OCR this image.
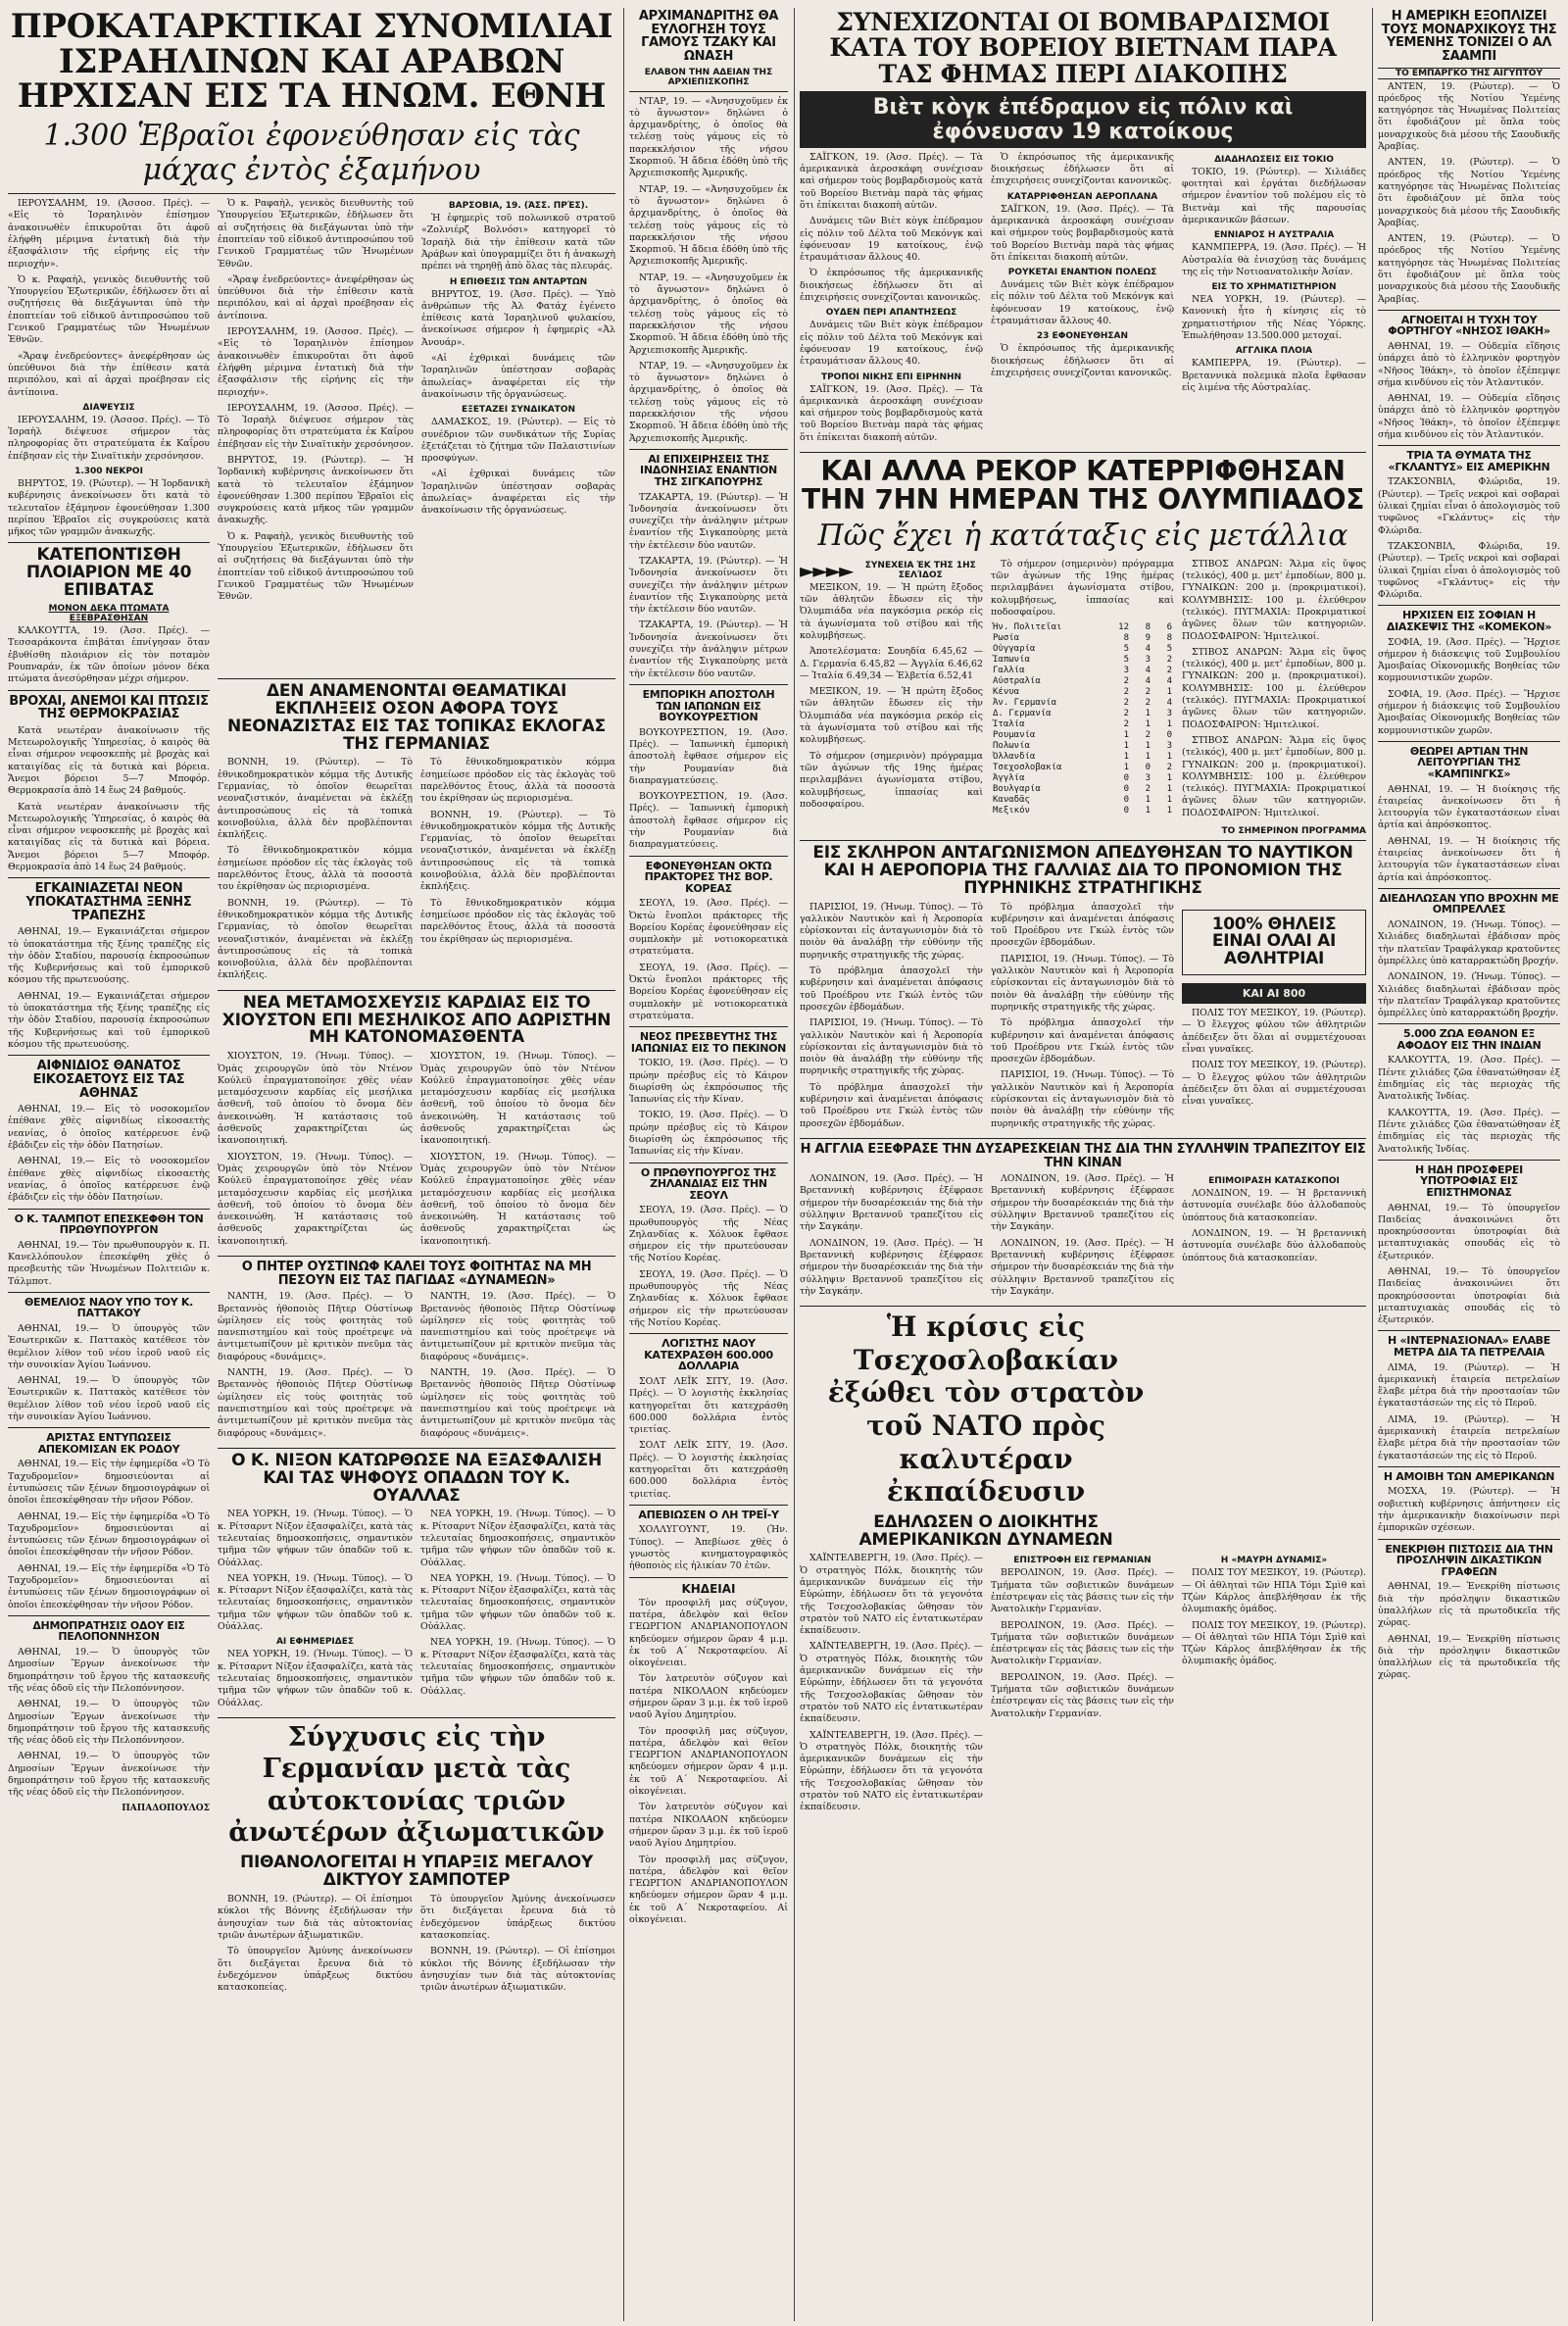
ΠΡΟΚΑΤΑΡΚΤΙΚΑΙ ΣΥΝΟΜΙΛΙΑΙ ΙΣΡΑΗΛΙΝΩΝ ΚΑΙ ΑΡΑΒΩΝ ΗΡΧΙΣΑΝ ΕΙΣ ΤΑ ΗΝΩΜ. ΕΘΝΗ
1.300 Ἑβραῖοι ἐφονεύθησαν εἰς τὰς μάχας ἐντὸς ἑξαμήνου

ΙΕΡΟΥΣΑΛΗΜ, 19. (Ἀσσοσ. Πρές). — «Εἰς τὸ Ἰσραηλινὸν ἐπίσημον ἀνακοινωθὲν ἐπικυροῦται ὅτι ἀφοῦ ἐλήφθη μέριμνα ἐντατικὴ διὰ τὴν ἐξασφάλισιν τῆς εἰρήνης εἰς τὴν περιοχήν».

Ὁ κ. Ραφαὴλ, γενικὸς διευθυντὴς τοῦ Ὑπουργείου Ἐξωτερικῶν, ἐδήλωσεν ὅτι αἱ συζητήσεις θὰ διεξάγωνται ὑπὸ τὴν ἐποπτείαν τοῦ εἰδικοῦ ἀντιπροσώπου τοῦ Γενικοῦ Γραμματέως τῶν Ἡνωμένων Ἐθνῶν.

«Ἄραψ ἐνεδρεύοντες» ἀνεφέρθησαν ὡς ὑπεύθυνοι διὰ τὴν ἐπίθεσιν κατὰ περιπόλου, καὶ αἱ ἀρχαὶ προέβησαν εἰς ἀντίποινα.

ΔΙΑΨΕΥΣΙΣ

ΙΕΡΟΥΣΑΛΗΜ, 19. (Ἀσσοσ. Πρές). — Τὸ Ἰσραὴλ διέψευσε σήμερον τὰς πληροφορίας ὅτι στρατεύματα ἐκ Καΐρου ἐπέβησαν εἰς τὴν Σιναϊτικὴν χερσόνησον.

1.300 ΝΕΚΡΟΙ

ΒΗΡΥΤΟΣ, 19. (Ρώυτερ). — Ἡ Ἰορδανικὴ κυβέρνησις ἀνεκοίνωσεν ὅτι κατὰ τὸ τελευταῖον ἑξάμηνον ἐφονεύθησαν 1.300 περίπου Ἑβραῖοι εἰς συγκρούσεις κατὰ μῆκος τῶν γραμμῶν ἀνακωχῆς.

ΚΑΤΕΠΟΝΤΙΣΘΗ ΠΛΟΙΑΡΙΟΝ ΜΕ 40 ΕΠΙΒΑΤΑΣ
ΜΟΝΟΝ ΔΕΚΑ ΠΤΩΜΑΤΑ ΕΞΕΒΡΑΣΘΗΣΑΝ

ΚΑΛΚΟΥΤΤΑ, 19. (Ἀσσ. Πρές). — Τεσσαράκοντα ἐπιβάται ἐπνίγησαν ὅταν ἐβυθίσθη πλοιάριον εἰς τὸν ποταμὸν Ρουπναράν, ἐκ τῶν ὁποίων μόνον δέκα πτώματα ἀνεσύρθησαν μέχρι σήμερον.

ΒΡΟΧΑΙ, ΑΝΕΜΟΙ ΚΑΙ ΠΤΩΣΙΣ ΤΗΣ ΘΕΡΜΟΚΡΑΣΙΑΣ

Κατὰ νεωτέραν ἀνακοίνωσιν τῆς Μετεωρολογικῆς Ὑπηρεσίας, ὁ καιρὸς θὰ εἶναι σήμερον νεφοσκεπὴς μὲ βροχὰς καὶ καταιγίδας εἰς τὰ δυτικὰ καὶ βόρεια. Ἄνεμοι βόρειοι 5—7 Μποφόρ. Θερμοκρασία ἀπὸ 14 ἕως 24 βαθμούς.

Κατὰ νεωτέραν ἀνακοίνωσιν τῆς Μετεωρολογικῆς Ὑπηρεσίας, ὁ καιρὸς θὰ εἶναι σήμερον νεφοσκεπὴς μὲ βροχὰς καὶ καταιγίδας εἰς τὰ δυτικὰ καὶ βόρεια. Ἄνεμοι βόρειοι 5—7 Μποφόρ. Θερμοκρασία ἀπὸ 14 ἕως 24 βαθμούς.

ΕΓΚΑΙΝΙΑΖΕΤΑΙ ΝΕΟΝ ΥΠΟΚΑΤΑΣΤΗΜΑ ΞΕΝΗΣ ΤΡΑΠΕΖΗΣ

ΑΘΗΝΑΙ, 19.— Εγκαινιάζεται σήμερον τὸ ὑποκατάστημα τῆς ξένης τραπέζης εἰς τὴν ὁδὸν Σταδίου, παρουσίᾳ ἐκπροσώπων τῆς Κυβερνήσεως καὶ τοῦ ἐμπορικοῦ κόσμου τῆς πρωτευούσης.

ΑΘΗΝΑΙ, 19.— Εγκαινιάζεται σήμερον τὸ ὑποκατάστημα τῆς ξένης τραπέζης εἰς τὴν ὁδὸν Σταδίου, παρουσίᾳ ἐκπροσώπων τῆς Κυβερνήσεως καὶ τοῦ ἐμπορικοῦ κόσμου τῆς πρωτευούσης.

ΑΙΦΝΙΔΙΟΣ ΘΑΝΑΤΟΣ ΕΙΚΟΣΑΕΤΟΥΣ ΕΙΣ ΤΑΣ ΑΘΗΝΑΣ

ΑΘΗΝΑΙ, 19.— Εἰς τὸ νοσοκομεῖον ἐπέθανε χθὲς αἰφνιδίως εἰκοσαετὴς νεανίας, ὁ ὁποῖος κατέρρευσε ἐνῷ ἐβάδιζεν εἰς τὴν ὁδὸν Πατησίων.

ΑΘΗΝΑΙ, 19.— Εἰς τὸ νοσοκομεῖον ἐπέθανε χθὲς αἰφνιδίως εἰκοσαετὴς νεανίας, ὁ ὁποῖος κατέρρευσε ἐνῷ ἐβάδιζεν εἰς τὴν ὁδὸν Πατησίων.

Ο Κ. ΤΑΛΜΠΟΤ ΕΠΕΣΚΕΦΘΗ ΤΟΝ ΠΡΩΘΥΠΟΥΡΓΟΝ

ΑΘΗΝΑΙ, 19.— Τὸν πρωθυπουργὸν κ. Π. Κανελλόπουλον ἐπεσκέφθη χθὲς ὁ πρεσβευτὴς τῶν Ἡνωμένων Πολιτειῶν κ. Τάλμποτ.

ΘΕΜΕΛΙΟΣ ΝΑΟΥ ΥΠΟ ΤΟΥ Κ. ΠΑΤΤΑΚΟΥ

ΑΘΗΝΑΙ, 19.— Ὁ ὑπουργὸς τῶν Ἐσωτερικῶν κ. Παττακὸς κατέθεσε τὸν θεμέλιον λίθον τοῦ νέου ἱεροῦ ναοῦ εἰς τὴν συνοικίαν Ἁγίου Ἰωάννου.

ΑΘΗΝΑΙ, 19.— Ὁ ὑπουργὸς τῶν Ἐσωτερικῶν κ. Παττακὸς κατέθεσε τὸν θεμέλιον λίθον τοῦ νέου ἱεροῦ ναοῦ εἰς τὴν συνοικίαν Ἁγίου Ἰωάννου.

ΑΡΙΣΤΑΣ ΕΝΤΥΠΩΣΕΙΣ ΑΠΕΚΟΜΙΣΑΝ ΕΚ ΡΟΔΟΥ

ΑΘΗΝΑΙ, 19.— Εἰς τὴν ἐφημερίδα «Ὁ Τὸ Ταχυδρομεῖον» δημοσιεύονται αἱ ἐντυπώσεις τῶν ξένων δημοσιογράφων οἱ ὁποῖοι ἐπεσκέφθησαν τὴν νῆσον Ρόδον.

ΑΘΗΝΑΙ, 19.— Εἰς τὴν ἐφημερίδα «Ὁ Τὸ Ταχυδρομεῖον» δημοσιεύονται αἱ ἐντυπώσεις τῶν ξένων δημοσιογράφων οἱ ὁποῖοι ἐπεσκέφθησαν τὴν νῆσον Ρόδον.

ΑΘΗΝΑΙ, 19.— Εἰς τὴν ἐφημερίδα «Ὁ Τὸ Ταχυδρομεῖον» δημοσιεύονται αἱ ἐντυπώσεις τῶν ξένων δημοσιογράφων οἱ ὁποῖοι ἐπεσκέφθησαν τὴν νῆσον Ρόδον.

ΔΗΜΟΠΡΑΤΗΣΙΣ ΟΔΟΥ ΕΙΣ ΠΕΛΟΠΟΝΝΗΣΟΝ

ΑΘΗΝΑΙ, 19.— Ὁ ὑπουργὸς τῶν Δημοσίων Ἔργων ἀνεκοίνωσε τὴν δημοπράτησιν τοῦ ἔργου τῆς κατασκευῆς τῆς νέας ὁδοῦ εἰς τὴν Πελοπόννησον.

ΑΘΗΝΑΙ, 19.— Ὁ ὑπουργὸς τῶν Δημοσίων Ἔργων ἀνεκοίνωσε τὴν δημοπράτησιν τοῦ ἔργου τῆς κατασκευῆς τῆς νέας ὁδοῦ εἰς τὴν Πελοπόννησον.

ΑΘΗΝΑΙ, 19.— Ὁ ὑπουργὸς τῶν Δημοσίων Ἔργων ἀνεκοίνωσε τὴν δημοπράτησιν τοῦ ἔργου τῆς κατασκευῆς τῆς νέας ὁδοῦ εἰς τὴν Πελοπόννησον.

ΠΑΠΑΔΟΠΟΥΛΟΣ

Ὁ κ. Ραφαὴλ, γενικὸς διευθυντὴς τοῦ Ὑπουργείου Ἐξωτερικῶν, ἐδήλωσεν ὅτι αἱ συζητήσεις θὰ διεξάγωνται ὑπὸ τὴν ἐποπτείαν τοῦ εἰδικοῦ ἀντιπροσώπου τοῦ Γενικοῦ Γραμματέως τῶν Ἡνωμένων Ἐθνῶν.

«Ἄραψ ἐνεδρεύοντες» ἀνεφέρθησαν ὡς ὑπεύθυνοι διὰ τὴν ἐπίθεσιν κατὰ περιπόλου, καὶ αἱ ἀρχαὶ προέβησαν εἰς ἀντίποινα.

ΙΕΡΟΥΣΑΛΗΜ, 19. (Ἀσσοσ. Πρές). — «Εἰς τὸ Ἰσραηλινὸν ἐπίσημον ἀνακοινωθὲν ἐπικυροῦται ὅτι ἀφοῦ ἐλήφθη μέριμνα ἐντατικὴ διὰ τὴν ἐξασφάλισιν τῆς εἰρήνης εἰς τὴν περιοχήν».

ΙΕΡΟΥΣΑΛΗΜ, 19. (Ἀσσοσ. Πρές). — Τὸ Ἰσραὴλ διέψευσε σήμερον τὰς πληροφορίας ὅτι στρατεύματα ἐκ Καΐρου ἐπέβησαν εἰς τὴν Σιναϊτικὴν χερσόνησον.

ΒΗΡΥΤΟΣ, 19. (Ρώυτερ). — Ἡ Ἰορδανικὴ κυβέρνησις ἀνεκοίνωσεν ὅτι κατὰ τὸ τελευταῖον ἑξάμηνον ἐφονεύθησαν 1.300 περίπου Ἑβραῖοι εἰς συγκρούσεις κατὰ μῆκος τῶν γραμμῶν ἀνακωχῆς.

Ὁ κ. Ραφαὴλ, γενικὸς διευθυντὴς τοῦ Ὑπουργείου Ἐξωτερικῶν, ἐδήλωσεν ὅτι αἱ συζητήσεις θὰ διεξάγωνται ὑπὸ τὴν ἐποπτείαν τοῦ εἰδικοῦ ἀντιπροσώπου τοῦ Γενικοῦ Γραμματέως τῶν Ἡνωμένων Ἐθνῶν.

ΒΑΡΣΟΒΙΑ, 19. (ἈΣΣ. ΠΡΈΣ).

Ἡ ἐφημερὶς τοῦ πολωνικοῦ στρατοῦ «Ζολνιέρζ Βολνόσι» κατηγορεῖ τὸ Ἰσραὴλ διὰ τὴν ἐπίθεσιν κατὰ τῶν Ἀράβων καὶ ὑπογραμμίζει ὅτι ἡ ἀνακωχὴ πρέπει νὰ τηρηθῇ ἀπὸ ὅλας τὰς πλευράς.

Η ΕΠΙΘΕΣΙΣ ΤΩΝ ΑΝΤΑΡΤΩΝ

ΒΗΡΥΤΟΣ, 19. (Ἀσσ. Πρές). — Ὑπὸ ἀνθρώπων τῆς Ἀλ Φατάχ ἐγένετο ἐπίθεσις κατὰ Ἰσραηλινοῦ φυλακίου, ἀνεκοίνωσε σήμερον ἡ ἐφημερὶς «Ἀλ Ἀνουάρ».

«Αἱ ἐχθρικαὶ δυνάμεις τῶν Ἰσραηλινῶν ὑπέστησαν σοβαρὰς ἀπωλείας» ἀναφέρεται εἰς τὴν ἀνακοίνωσιν τῆς ὀργανώσεως.

ΕΞΕΤΑΖΕΙ ΣΥΝΔΙΚΑΤΟΝ

ΔΑΜΑΣΚΟΣ, 19. (Ρώυτερ). — Εἰς τὸ συνέδριον τῶν συνδικάτων τῆς Συρίας ἐξετάζεται τὸ ζήτημα τῶν Παλαιστινίων προσφύγων.

«Αἱ ἐχθρικαὶ δυνάμεις τῶν Ἰσραηλινῶν ὑπέστησαν σοβαρὰς ἀπωλείας» ἀναφέρεται εἰς τὴν ἀνακοίνωσιν τῆς ὀργανώσεως.

ΔΕΝ ΑΝΑΜΕΝΟΝΤΑΙ ΘΕΑΜΑΤΙΚΑΙ ΕΚΠΛΗΞΕΙΣ ΟΣΟΝ ΑΦΟΡΑ ΤΟΥΣ ΝΕΟΝΑΖΙΣΤΑΣ ΕΙΣ ΤΑΣ ΤΟΠΙΚΑΣ ΕΚΛΟΓΑΣ ΤΗΣ ΓΕΡΜΑΝΙΑΣ

ΒΟΝΝΗ, 19. (Ρώυτερ). — Τὸ ἐθνικοδημοκρατικὸν κόμμα τῆς Δυτικῆς Γερμανίας, τὸ ὁποῖον θεωρεῖται νεοναζιστικόν, ἀναμένεται νὰ ἐκλέξῃ ἀντιπροσώπους εἰς τὰ τοπικὰ κοινοβούλια, ἀλλὰ δὲν προβλέπονται ἐκπλήξεις.

Τὸ ἔθνικοδημοκρατικὸν κόμμα ἐσημείωσε πρόοδον εἰς τὰς ἐκλογὰς τοῦ παρελθόντος ἔτους, ἀλλὰ τὰ ποσοστὰ του ἐκρίθησαν ὡς περιορισμένα.

ΒΟΝΝΗ, 19. (Ρώυτερ). — Τὸ ἐθνικοδημοκρατικὸν κόμμα τῆς Δυτικῆς Γερμανίας, τὸ ὁποῖον θεωρεῖται νεοναζιστικόν, ἀναμένεται νὰ ἐκλέξῃ ἀντιπροσώπους εἰς τὰ τοπικὰ κοινοβούλια, ἀλλὰ δὲν προβλέπονται ἐκπλήξεις.

Τὸ ἔθνικοδημοκρατικὸν κόμμα ἐσημείωσε πρόοδον εἰς τὰς ἐκλογὰς τοῦ παρελθόντος ἔτους, ἀλλὰ τὰ ποσοστὰ του ἐκρίθησαν ὡς περιορισμένα.

ΒΟΝΝΗ, 19. (Ρώυτερ). — Τὸ ἐθνικοδημοκρατικὸν κόμμα τῆς Δυτικῆς Γερμανίας, τὸ ὁποῖον θεωρεῖται νεοναζιστικόν, ἀναμένεται νὰ ἐκλέξῃ ἀντιπροσώπους εἰς τὰ τοπικὰ κοινοβούλια, ἀλλὰ δὲν προβλέπονται ἐκπλήξεις.

Τὸ ἔθνικοδημοκρατικὸν κόμμα ἐσημείωσε πρόοδον εἰς τὰς ἐκλογὰς τοῦ παρελθόντος ἔτους, ἀλλὰ τὰ ποσοστὰ του ἐκρίθησαν ὡς περιορισμένα.

ΝΕΑ ΜΕΤΑΜΟΣΧΕΥΣΙΣ ΚΑΡΔΙΑΣ ΕΙΣ ΤΟ ΧΙΟΥΣΤΟΝ ΕΠΙ ΜΕΣΗΛΙΚΟΣ ΑΠΟ ΑΩΡΙΣΤΗΝ ΜΗ ΚΑΤΟΝΟΜΑΣΘΕΝΤΑ

ΧΙΟΥΣΤΟΝ, 19. (Ἡνωμ. Τύπος). — Ὁμὰς χειρουργῶν ὑπὸ τὸν Ντένον Κούλεϋ ἐπραγματοποίησε χθὲς νέαν μεταμόσχευσιν καρδίας εἰς μεσήλικα ἀσθενῆ, τοῦ ὁποίου τὸ ὄνομα δὲν ἀνεκοινώθη. Ἡ κατάστασις τοῦ ἀσθενοῦς χαρακτηρίζεται ὡς ἱκανοποιητική.

ΧΙΟΥΣΤΟΝ, 19. (Ἡνωμ. Τύπος). — Ὁμὰς χειρουργῶν ὑπὸ τὸν Ντένον Κούλεϋ ἐπραγματοποίησε χθὲς νέαν μεταμόσχευσιν καρδίας εἰς μεσήλικα ἀσθενῆ, τοῦ ὁποίου τὸ ὄνομα δὲν ἀνεκοινώθη. Ἡ κατάστασις τοῦ ἀσθενοῦς χαρακτηρίζεται ὡς ἱκανοποιητική.

ΧΙΟΥΣΤΟΝ, 19. (Ἡνωμ. Τύπος). — Ὁμὰς χειρουργῶν ὑπὸ τὸν Ντένον Κούλεϋ ἐπραγματοποίησε χθὲς νέαν μεταμόσχευσιν καρδίας εἰς μεσήλικα ἀσθενῆ, τοῦ ὁποίου τὸ ὄνομα δὲν ἀνεκοινώθη. Ἡ κατάστασις τοῦ ἀσθενοῦς χαρακτηρίζεται ὡς ἱκανοποιητική.

ΧΙΟΥΣΤΟΝ, 19. (Ἡνωμ. Τύπος). — Ὁμὰς χειρουργῶν ὑπὸ τὸν Ντένον Κούλεϋ ἐπραγματοποίησε χθὲς νέαν μεταμόσχευσιν καρδίας εἰς μεσήλικα ἀσθενῆ, τοῦ ὁποίου τὸ ὄνομα δὲν ἀνεκοινώθη. Ἡ κατάστασις τοῦ ἀσθενοῦς χαρακτηρίζεται ὡς ἱκανοποιητική.

Ο ΠΗΤΕΡ ΟΥΣΤΙΝΩΦ ΚΑΛΕΙ ΤΟΥΣ ΦΟΙΤΗΤΑΣ ΝΑ ΜΗ ΠΕΣΟΥΝ ΕΙΣ ΤΑΣ ΠΑΓΙΔΑΣ «ΔΥΝΑΜΕΩΝ»

ΝΑΝΤΗ, 19. (Ἀσσ. Πρές). — Ὁ Βρεταννὸς ἠθοποιὸς Πῆτερ Οὐστίνωφ ὡμίλησεν εἰς τοὺς φοιτητὰς τοῦ πανεπιστημίου καὶ τοὺς προέτρεψε νὰ ἀντιμετωπίζουν μὲ κριτικὸν πνεῦμα τὰς διαφόρους «δυνάμεις».

ΝΑΝΤΗ, 19. (Ἀσσ. Πρές). — Ὁ Βρεταννὸς ἠθοποιὸς Πῆτερ Οὐστίνωφ ὡμίλησεν εἰς τοὺς φοιτητὰς τοῦ πανεπιστημίου καὶ τοὺς προέτρεψε νὰ ἀντιμετωπίζουν μὲ κριτικὸν πνεῦμα τὰς διαφόρους «δυνάμεις».

ΝΑΝΤΗ, 19. (Ἀσσ. Πρές). — Ὁ Βρεταννὸς ἠθοποιὸς Πῆτερ Οὐστίνωφ ὡμίλησεν εἰς τοὺς φοιτητὰς τοῦ πανεπιστημίου καὶ τοὺς προέτρεψε νὰ ἀντιμετωπίζουν μὲ κριτικὸν πνεῦμα τὰς διαφόρους «δυνάμεις».

ΝΑΝΤΗ, 19. (Ἀσσ. Πρές). — Ὁ Βρεταννὸς ἠθοποιὸς Πῆτερ Οὐστίνωφ ὡμίλησεν εἰς τοὺς φοιτητὰς τοῦ πανεπιστημίου καὶ τοὺς προέτρεψε νὰ ἀντιμετωπίζουν μὲ κριτικὸν πνεῦμα τὰς διαφόρους «δυνάμεις».

Ο Κ. ΝΙΞΟΝ ΚΑΤΩΡΘΩΣΕ ΝΑ ΕΞΑΣΦΑΛΙΣΗ ΚΑΙ ΤΑΣ ΨΗΦΟΥΣ ΟΠΑΔΩΝ ΤΟΥ Κ. ΟΥΑΛΛΑΣ

ΝΕΑ ΥΟΡΚΗ, 19. (Ἡνωμ. Τύπος). — Ὁ κ. Ρίτσαρντ Νίξον ἐξασφαλίζει, κατὰ τὰς τελευταίας δημοσκοπήσεις, σημαντικὸν τμῆμα τῶν ψήφων τῶν ὀπαδῶν τοῦ κ. Οὐάλλας.

ΝΕΑ ΥΟΡΚΗ, 19. (Ἡνωμ. Τύπος). — Ὁ κ. Ρίτσαρντ Νίξον ἐξασφαλίζει, κατὰ τὰς τελευταίας δημοσκοπήσεις, σημαντικὸν τμῆμα τῶν ψήφων τῶν ὀπαδῶν τοῦ κ. Οὐάλλας.

ΑΙ ΕΦΗΜΕΡΙΔΕΣ

ΝΕΑ ΥΟΡΚΗ, 19. (Ἡνωμ. Τύπος). — Ὁ κ. Ρίτσαρντ Νίξον ἐξασφαλίζει, κατὰ τὰς τελευταίας δημοσκοπήσεις, σημαντικὸν τμῆμα τῶν ψήφων τῶν ὀπαδῶν τοῦ κ. Οὐάλλας.

ΝΕΑ ΥΟΡΚΗ, 19. (Ἡνωμ. Τύπος). — Ὁ κ. Ρίτσαρντ Νίξον ἐξασφαλίζει, κατὰ τὰς τελευταίας δημοσκοπήσεις, σημαντικὸν τμῆμα τῶν ψήφων τῶν ὀπαδῶν τοῦ κ. Οὐάλλας.

ΝΕΑ ΥΟΡΚΗ, 19. (Ἡνωμ. Τύπος). — Ὁ κ. Ρίτσαρντ Νίξον ἐξασφαλίζει, κατὰ τὰς τελευταίας δημοσκοπήσεις, σημαντικὸν τμῆμα τῶν ψήφων τῶν ὀπαδῶν τοῦ κ. Οὐάλλας.

ΝΕΑ ΥΟΡΚΗ, 19. (Ἡνωμ. Τύπος). — Ὁ κ. Ρίτσαρντ Νίξον ἐξασφαλίζει, κατὰ τὰς τελευταίας δημοσκοπήσεις, σημαντικὸν τμῆμα τῶν ψήφων τῶν ὀπαδῶν τοῦ κ. Οὐάλλας.

Σύγχυσις εἰς τὴν Γερμανίαν μετὰ τὰς αὐτοκτονίας τριῶν ἀνωτέρων ἀξιωματικῶν
ΠΙΘΑΝΟΛΟΓΕΙΤΑΙ Η ΥΠΑΡΞΙΣ ΜΕΓΑΛΟΥ ΔΙΚΤΥΟΥ ΣΑΜΠΟΤΕΡ

ΒΟΝΝΗ, 19. (Ρώυτερ). — Οἱ ἐπίσημοι κύκλοι τῆς Βόννης ἐξεδήλωσαν τὴν ἀνησυχίαν των διὰ τὰς αὐτοκτονίας τριῶν ἀνωτέρων ἀξιωματικῶν.

Τὸ ὑπουργεῖον Ἀμύνης ἀνεκοίνωσεν ὅτι διεξάγεται ἔρευνα διὰ τὸ ἐνδεχόμενον ὑπάρξεως δικτύου κατασκοπείας.

Τὸ ὑπουργεῖον Ἀμύνης ἀνεκοίνωσεν ὅτι διεξάγεται ἔρευνα διὰ τὸ ἐνδεχόμενον ὑπάρξεως δικτύου κατασκοπείας.

ΒΟΝΝΗ, 19. (Ρώυτερ). — Οἱ ἐπίσημοι κύκλοι τῆς Βόννης ἐξεδήλωσαν τὴν ἀνησυχίαν των διὰ τὰς αὐτοκτονίας τριῶν ἀνωτέρων ἀξιωματικῶν.

ΑΡΧΙΜΑΝΔΡΙΤΗΣ ΘΑ ΕΥΛΟΓΗΣΗ ΤΟΥΣ ΓΑΜΟΥΣ ΤΖΑΚΥ ΚΑΙ ΩΝΑΣΗ
ΕΛΑΒΟΝ ΤΗΝ ΑΔΕΙΑΝ ΤΗΣ ΑΡΧΙΕΠΙΣΚΟΠΗΣ

ΝΤΑΡ, 19. — «Ἀνησυχοῦμεν ἐκ τὸ ἄγνωστον» δηλώνει ὁ ἀρχιμανδρίτης, ὁ ὁποῖος θὰ τελέσῃ τοὺς γάμους εἰς τὸ παρεκκλήσιον τῆς νήσου Σκορπιοῦ. Ἡ ἄδεια ἐδόθη ὑπὸ τῆς Ἀρχιεπισκοπῆς Ἀμερικῆς.

ΝΤΑΡ, 19. — «Ἀνησυχοῦμεν ἐκ τὸ ἄγνωστον» δηλώνει ὁ ἀρχιμανδρίτης, ὁ ὁποῖος θὰ τελέσῃ τοὺς γάμους εἰς τὸ παρεκκλήσιον τῆς νήσου Σκορπιοῦ. Ἡ ἄδεια ἐδόθη ὑπὸ τῆς Ἀρχιεπισκοπῆς Ἀμερικῆς.

ΝΤΑΡ, 19. — «Ἀνησυχοῦμεν ἐκ τὸ ἄγνωστον» δηλώνει ὁ ἀρχιμανδρίτης, ὁ ὁποῖος θὰ τελέσῃ τοὺς γάμους εἰς τὸ παρεκκλήσιον τῆς νήσου Σκορπιοῦ. Ἡ ἄδεια ἐδόθη ὑπὸ τῆς Ἀρχιεπισκοπῆς Ἀμερικῆς.

ΝΤΑΡ, 19. — «Ἀνησυχοῦμεν ἐκ τὸ ἄγνωστον» δηλώνει ὁ ἀρχιμανδρίτης, ὁ ὁποῖος θὰ τελέσῃ τοὺς γάμους εἰς τὸ παρεκκλήσιον τῆς νήσου Σκορπιοῦ. Ἡ ἄδεια ἐδόθη ὑπὸ τῆς Ἀρχιεπισκοπῆς Ἀμερικῆς.

ΑΙ ΕΠΙΧΕΙΡΗΣΕΙΣ ΤΗΣ ΙΝΔΟΝΗΣΙΑΣ ΕΝΑΝΤΙΟΝ ΤΗΣ ΣΙΓΚΑΠΟΥΡΗΣ

ΤΖΑΚΑΡΤΑ, 19. (Ρώυτερ). — Ἡ Ἰνδονησία ἀνεκοίνωσεν ὅτι συνεχίζει τὴν ἀνάληψιν μέτρων ἐναντίον τῆς Σιγκαποὺρης μετὰ τὴν ἐκτέλεσιν δύο ναυτῶν.

ΤΖΑΚΑΡΤΑ, 19. (Ρώυτερ). — Ἡ Ἰνδονησία ἀνεκοίνωσεν ὅτι συνεχίζει τὴν ἀνάληψιν μέτρων ἐναντίον τῆς Σιγκαποὺρης μετὰ τὴν ἐκτέλεσιν δύο ναυτῶν.

ΤΖΑΚΑΡΤΑ, 19. (Ρώυτερ). — Ἡ Ἰνδονησία ἀνεκοίνωσεν ὅτι συνεχίζει τὴν ἀνάληψιν μέτρων ἐναντίον τῆς Σιγκαποὺρης μετὰ τὴν ἐκτέλεσιν δύο ναυτῶν.

ΕΜΠΟΡΙΚΗ ΑΠΟΣΤΟΛΗ ΤΩΝ ΙΑΠΩΝΩΝ ΕΙΣ ΒΟΥΚΟΥΡΕΣΤΙΟΝ

ΒΟΥΚΟΥΡΕΣΤΙΟΝ, 19. (Ἀσσ. Πρές). — Ἰαπωνικὴ ἐμπορικὴ ἀποστολὴ ἔφθασε σήμερον εἰς τὴν Ρουμανίαν διὰ διαπραγματεύσεις.

ΒΟΥΚΟΥΡΕΣΤΙΟΝ, 19. (Ἀσσ. Πρές). — Ἰαπωνικὴ ἐμπορικὴ ἀποστολὴ ἔφθασε σήμερον εἰς τὴν Ρουμανίαν διὰ διαπραγματεύσεις.

ΕΦΟΝΕΥΘΗΣΑΝ ΟΚΤΩ ΠΡΑΚΤΟΡΕΣ ΤΗΣ ΒΟΡ. ΚΟΡΕΑΣ

ΣΕΟΥΛ, 19. (Ἀσσ. Πρές). — Ὀκτὼ ἔνοπλοι πράκτορες τῆς Βορείου Κορέας ἐφονεύθησαν εἰς συμπλοκὴν μὲ νοτιοκορεατικὰ στρατεύματα.

ΣΕΟΥΛ, 19. (Ἀσσ. Πρές). — Ὀκτὼ ἔνοπλοι πράκτορες τῆς Βορείου Κορέας ἐφονεύθησαν εἰς συμπλοκὴν μὲ νοτιοκορεατικὰ στρατεύματα.

ΝΕΟΣ ΠΡΕΣΒΕΥΤΗΣ ΤΗΣ ΙΑΠΩΝΙΑΣ ΕΙΣ ΤΟ ΠΕΚΙΝΟΝ

ΤΟΚΙΟ, 19. (Ἀσσ. Πρές). — Ὁ πρώην πρέσβυς εἰς τὸ Κάιρον διωρίσθη ὡς ἐκπρόσωπος τῆς Ἰαπωνίας εἰς τὴν Κίναν.

ΤΟΚΙΟ, 19. (Ἀσσ. Πρές). — Ὁ πρώην πρέσβυς εἰς τὸ Κάιρον διωρίσθη ὡς ἐκπρόσωπος τῆς Ἰαπωνίας εἰς τὴν Κίναν.

Ο ΠΡΩΘΥΠΟΥΡΓΟΣ ΤΗΣ ΖΗΛΑΝΔΙΑΣ ΕΙΣ ΤΗΝ ΣΕΟΥΛ

ΣΕΟΥΛ, 19. (Ἀσσ. Πρές). — Ὁ πρωθυπουργὸς τῆς Νέας Ζηλανδίας κ. Χόλυοκ ἔφθασε σήμερον εἰς τὴν πρωτεύουσαν τῆς Νοτίου Κορέας.

ΣΕΟΥΛ, 19. (Ἀσσ. Πρές). — Ὁ πρωθυπουργὸς τῆς Νέας Ζηλανδίας κ. Χόλυοκ ἔφθασε σήμερον εἰς τὴν πρωτεύουσαν τῆς Νοτίου Κορέας.

ΛΟΓΙΣΤΗΣ ΝΑΟΥ ΚΑΤΕΧΡΑΣΘΗ 600.000 ΔΟΛΛΑΡΙΑ

ΣΟΛΤ ΛΕΪΚ ΣΙΤΥ, 19. (Ἀσσ. Πρές). — Ὁ λογιστὴς ἐκκλησίας κατηγορεῖται ὅτι κατεχράσθη 600.000 δολλάρια ἐντὸς τριετίας.

ΣΟΛΤ ΛΕΪΚ ΣΙΤΥ, 19. (Ἀσσ. Πρές). — Ὁ λογιστὴς ἐκκλησίας κατηγορεῖται ὅτι κατεχράσθη 600.000 δολλάρια ἐντὸς τριετίας.

ΑΠΕΒΙΩΣΕΝ Ο ΛΗ ΤΡΕΪ-Υ

ΧΟΛΛΥΓΟΥΝΤ, 19. (Ἡν. Τύπος). — Ἀπεβίωσε χθὲς ὁ γνωστὸς κινηματογραφικὸς ἠθοποιὸς εἰς ἡλικίαν 70 ἐτῶν.

ΚΗΔΕΙΑΙ

Τὸν προσφιλῆ μας σύζυγον, πατέρα, ἀδελφὸν καὶ θεῖον ΓΕΩΡΓΙΟΝ ΑΝΔΡΙΑΝΟΠΟΥΛΟΝ κηδεύομεν σήμερον ὥραν 4 μ.μ. ἐκ τοῦ Α΄ Νεκροταφείου. Αἱ οἰκογένειαι.

Τὸν λατρευτὸν σύζυγον καὶ πατέρα ΝΙΚΟΛΑΟΝ κηδεύομεν σήμερον ὥραν 3 μ.μ. ἐκ τοῦ ἱεροῦ ναοῦ Ἁγίου Δημητρίου.

Τὸν προσφιλῆ μας σύζυγον, πατέρα, ἀδελφὸν καὶ θεῖον ΓΕΩΡΓΙΟΝ ΑΝΔΡΙΑΝΟΠΟΥΛΟΝ κηδεύομεν σήμερον ὥραν 4 μ.μ. ἐκ τοῦ Α΄ Νεκροταφείου. Αἱ οἰκογένειαι.

Τὸν λατρευτὸν σύζυγον καὶ πατέρα ΝΙΚΟΛΑΟΝ κηδεύομεν σήμερον ὥραν 3 μ.μ. ἐκ τοῦ ἱεροῦ ναοῦ Ἁγίου Δημητρίου.

Τὸν προσφιλῆ μας σύζυγον, πατέρα, ἀδελφὸν καὶ θεῖον ΓΕΩΡΓΙΟΝ ΑΝΔΡΙΑΝΟΠΟΥΛΟΝ κηδεύομεν σήμερον ὥραν 4 μ.μ. ἐκ τοῦ Α΄ Νεκροταφείου. Αἱ οἰκογένειαι.

ΣΥΝΕΧΙΖΟΝΤΑΙ ΟΙ ΒΟΜΒΑΡΔΙΣΜΟΙ ΚΑΤΑ ΤΟΥ ΒΟΡΕΙΟΥ ΒΙΕΤΝΑΜ ΠΑΡΑ ΤΑΣ ΦΗΜΑΣ ΠΕΡΙ ΔΙΑΚΟΠΗΣ
Βιὲτ κὸγκ ἐπέδραμον εἰς πόλιν καὶ ἐφόνευσαν 19 κατοίκους

ΣΑΪΓΚΟΝ, 19. (Ἀσσ. Πρές). — Τὰ ἀμερικανικὰ ἀεροσκάφη συνέχισαν καὶ σήμερον τοὺς βομβαρδισμοὺς κατὰ τοῦ Βορείου Βιετνὰμ παρὰ τὰς φήμας ὅτι ἐπίκειται διακοπὴ αὐτῶν.

Δυνάμεις τῶν Βιὲτ κὸγκ ἐπέδραμον εἰς πόλιν τοῦ Δέλτα τοῦ Μεκόνγκ καὶ ἐφόνευσαν 19 κατοίκους, ἐνῷ ἐτραυμάτισαν ἄλλους 40.

Ὁ ἐκπρόσωπος τῆς ἀμερικανικῆς διοικήσεως ἐδήλωσεν ὅτι αἱ ἐπιχειρήσεις συνεχίζονται κανονικῶς.

ΟΥΔΕΝ ΠΕΡΙ ΑΠΑΝΤΗΣΕΩΣ

Δυνάμεις τῶν Βιὲτ κὸγκ ἐπέδραμον εἰς πόλιν τοῦ Δέλτα τοῦ Μεκόνγκ καὶ ἐφόνευσαν 19 κατοίκους, ἐνῷ ἐτραυμάτισαν ἄλλους 40.

ΤΡΟΠΟΙ ΝΙΚΗΣ ΕΠΙ ΕΙΡΗΝΗΝ

ΣΑΪΓΚΟΝ, 19. (Ἀσσ. Πρές). — Τὰ ἀμερικανικὰ ἀεροσκάφη συνέχισαν καὶ σήμερον τοὺς βομβαρδισμοὺς κατὰ τοῦ Βορείου Βιετνὰμ παρὰ τὰς φήμας ὅτι ἐπίκειται διακοπὴ αὐτῶν.

Ὁ ἐκπρόσωπος τῆς ἀμερικανικῆς διοικήσεως ἐδήλωσεν ὅτι αἱ ἐπιχειρήσεις συνεχίζονται κανονικῶς.

ΚΑΤΑΡΡΙΦΘΗΣΑΝ ΑΕΡΟΠΛΑΝΑ

ΣΑΪΓΚΟΝ, 19. (Ἀσσ. Πρές). — Τὰ ἀμερικανικὰ ἀεροσκάφη συνέχισαν καὶ σήμερον τοὺς βομβαρδισμοὺς κατὰ τοῦ Βορείου Βιετνὰμ παρὰ τὰς φήμας ὅτι ἐπίκειται διακοπὴ αὐτῶν.

ΡΟΥΚΕΤΑΙ ΕΝΑΝΤΙΟΝ ΠΟΛΕΩΣ

Δυνάμεις τῶν Βιὲτ κὸγκ ἐπέδραμον εἰς πόλιν τοῦ Δέλτα τοῦ Μεκόνγκ καὶ ἐφόνευσαν 19 κατοίκους, ἐνῷ ἐτραυμάτισαν ἄλλους 40.

23 ΕΦΟΝΕΥΘΗΣΑΝ

Ὁ ἐκπρόσωπος τῆς ἀμερικανικῆς διοικήσεως ἐδήλωσεν ὅτι αἱ ἐπιχειρήσεις συνεχίζονται κανονικῶς.

ΔΙΑΔΗΛΩΣΕΙΣ ΕΙΣ ΤΟΚΙΟ

ΤΟΚΙΟ, 19. (Ρώυτερ). — Χιλιάδες φοιτηταὶ καὶ ἐργάται διεδήλωσαν σήμερον ἐναντίον τοῦ πολέμου εἰς τὸ Βιετνὰμ καὶ τῆς παρουσίας ἀμερικανικῶν βάσεων.

ΕΝΝΙΑΡΟΣ Η ΑΥΣΤΡΑΛΙΑ

ΚΑΝΜΠΕΡΡΑ, 19. (Ἀσσ. Πρές). — Ἡ Αὐστραλία θὰ ἐνισχύσῃ τὰς δυνάμεις της εἰς τὴν Νοτιοανατολικὴν Ἀσίαν.

ΕΙΣ ΤΟ ΧΡΗΜΑΤΙΣΤΗΡΙΟΝ

ΝΕΑ ΥΟΡΚΗ, 19. (Ρώυτερ). — Κανονικὴ ἦτο ἡ κίνησις εἰς τὸ χρηματιστήριον τῆς Νέας Ὑόρκης. Ἐπωλήθησαν 13.500.000 μετοχαί.

ΑΓΓΛΙΚΑ ΠΛΟΙΑ

ΚΑΜΠΕΡΡΑ, 19. (Ρώυτερ). — Βρεταννικὰ πολεμικὰ πλοῖα ἔφθασαν εἰς λιμένα τῆς Αὐστραλίας.

ΚΑΙ ΑΛΛΑ ΡΕΚΟΡ ΚΑΤΕΡΡΙΦΘΗΣΑΝ ΤΗΝ 7ΗΝ ΗΜΕΡΑΝ ΤΗΣ ΟΛΥΜΠΙΑΔΟΣ
Πῶς ἔχει ἡ κατάταξις εἰς μετάλλια
►►►►	ΣΥΝΕΧΕΙΑ ἘΚ ΤΗ͂Σ 1ΗΣ ΣΕΛΊΔΟΣ

ΜΕΞΙΚΟΝ, 19. — Ἡ πρώτη ἔξοδος τῶν ἀθλητῶν ἔδωσεν εἰς τὴν Ὀλυμπιάδα νέα παγκόσμια ρεκόρ εἰς τὰ ἀγωνίσματα τοῦ στίβου καὶ τῆς κολυμβήσεως.

Ἀποτελέσματα: Σουηδία 6.45,62 — Δ. Γερμανία 6.45,82 — Ἀγγλία 6.46,62 — Ἰταλία 6.49,34 — Ἐλβετία 6.52,41

ΜΕΞΙΚΟΝ, 19. — Ἡ πρώτη ἔξοδος τῶν ἀθλητῶν ἔδωσεν εἰς τὴν Ὀλυμπιάδα νέα παγκόσμια ρεκόρ εἰς τὰ ἀγωνίσματα τοῦ στίβου καὶ τῆς κολυμβήσεως.

Τὸ σήμερον (σημερινὸν) πρόγραμμα τῶν ἀγώνων τῆς 19ης ἡμέρας περιλαμβάνει ἀγωνίσματα στίβου, κολυμβήσεως, ἱππασίας καὶ ποδοσφαίρου.

Τὸ σήμερον (σημερινὸν) πρόγραμμα τῶν ἀγώνων τῆς 19ης ἡμέρας περιλαμβάνει ἀγωνίσματα στίβου, κολυμβήσεως, ἱππασίας καὶ ποδοσφαίρου.

Ἡν. Πολιτεῖαι	12	8	6
Ρωσία	8	9	8
Οὑγγαρία	5	4	5
Ἰαπωνία	5	3	2
Γαλλία	3	4	2
Αὐστραλία	2	4	4
Κένυα	2	2	1
Ἀν. Γερμανία	2	2	4
Δ. Γερμανία	2	1	3
Ἰταλία	2	1	1
Ρουμανία	1	2	0
Πολωνία	1	1	3
Ὀλλανδία	1	1	1
Τσεχοσλοβακία	1	0	2
Ἀγγλία	0	3	1
Βουλγαρία	0	2	1
Καναδᾶς	0	1	1
Μεξικόν	0	1	1

ΣΤΙΒΟΣ ΑΝΔΡΩΝ: Ἄλμα εἰς ὕψος (τελικός), 400 μ. μετ' ἐμποδίων, 800 μ. ΓΥΝΑΙΚΩΝ: 200 μ. (προκριματικοί). ΚΟΛΥΜΒΗΣΙΣ: 100 μ. ἐλεύθερον (τελικός). ΠΥΓΜΑΧΙΑ: Προκριματικοί ἀγῶνες ὅλων τῶν κατηγοριῶν. ΠΟΔΟΣΦΑΙΡΟΝ: Ἡμιτελικοί.

ΣΤΙΒΟΣ ΑΝΔΡΩΝ: Ἄλμα εἰς ὕψος (τελικός), 400 μ. μετ' ἐμποδίων, 800 μ. ΓΥΝΑΙΚΩΝ: 200 μ. (προκριματικοί). ΚΟΛΥΜΒΗΣΙΣ: 100 μ. ἐλεύθερον (τελικός). ΠΥΓΜΑΧΙΑ: Προκριματικοί ἀγῶνες ὅλων τῶν κατηγοριῶν. ΠΟΔΟΣΦΑΙΡΟΝ: Ἡμιτελικοί.

ΣΤΙΒΟΣ ΑΝΔΡΩΝ: Ἄλμα εἰς ὕψος (τελικός), 400 μ. μετ' ἐμποδίων, 800 μ. ΓΥΝΑΙΚΩΝ: 200 μ. (προκριματικοί). ΚΟΛΥΜΒΗΣΙΣ: 100 μ. ἐλεύθερον (τελικός). ΠΥΓΜΑΧΙΑ: Προκριματικοί ἀγῶνες ὅλων τῶν κατηγοριῶν. ΠΟΔΟΣΦΑΙΡΟΝ: Ἡμιτελικοί.

ΤΟ ΣΗΜΕΡΙΝΟΝ ΠΡΟΓΡΑΜΜΑ
ΕΙΣ ΣΚΛΗΡΟΝ ΑΝΤΑΓΩΝΙΣΜΟΝ ΑΠΕΔΥΘΗΣΑΝ ΤΟ ΝΑΥΤΙΚΟΝ ΚΑΙ Η ΑΕΡΟΠΟΡΙΑ ΤΗΣ ΓΑΛΛΙΑΣ ΔΙΑ ΤΟ ΠΡΟΝΟΜΙΟΝ ΤΗΣ ΠΥΡΗΝΙΚΗΣ ΣΤΡΑΤΗΓΙΚΗΣ

ΠΑΡΙΣΙΟΙ, 19. (Ἡνωμ. Τύπος). — Τὸ γαλλικὸν Ναυτικὸν καὶ ἡ Ἀεροπορία εὑρίσκονται εἰς ἀνταγωνισμὸν διὰ τὸ ποιὸν θὰ ἀναλάβῃ τὴν εὐθύνην τῆς πυρηνικῆς στρατηγικῆς τῆς χώρας.

Τὸ πρόβλημα ἀπασχολεῖ τὴν κυβέρνησιν καὶ ἀναμένεται ἀπόφασις τοῦ Προέδρου ντε Γκώλ ἐντὸς τῶν προσεχῶν ἑβδομάδων.

ΠΑΡΙΣΙΟΙ, 19. (Ἡνωμ. Τύπος). — Τὸ γαλλικὸν Ναυτικὸν καὶ ἡ Ἀεροπορία εὑρίσκονται εἰς ἀνταγωνισμὸν διὰ τὸ ποιὸν θὰ ἀναλάβῃ τὴν εὐθύνην τῆς πυρηνικῆς στρατηγικῆς τῆς χώρας.

Τὸ πρόβλημα ἀπασχολεῖ τὴν κυβέρνησιν καὶ ἀναμένεται ἀπόφασις τοῦ Προέδρου ντε Γκώλ ἐντὸς τῶν προσεχῶν ἑβδομάδων.

Τὸ πρόβλημα ἀπασχολεῖ τὴν κυβέρνησιν καὶ ἀναμένεται ἀπόφασις τοῦ Προέδρου ντε Γκώλ ἐντὸς τῶν προσεχῶν ἑβδομάδων.

ΠΑΡΙΣΙΟΙ, 19. (Ἡνωμ. Τύπος). — Τὸ γαλλικὸν Ναυτικὸν καὶ ἡ Ἀεροπορία εὑρίσκονται εἰς ἀνταγωνισμὸν διὰ τὸ ποιὸν θὰ ἀναλάβῃ τὴν εὐθύνην τῆς πυρηνικῆς στρατηγικῆς τῆς χώρας.

Τὸ πρόβλημα ἀπασχολεῖ τὴν κυβέρνησιν καὶ ἀναμένεται ἀπόφασις τοῦ Προέδρου ντε Γκώλ ἐντὸς τῶν προσεχῶν ἑβδομάδων.

ΠΑΡΙΣΙΟΙ, 19. (Ἡνωμ. Τύπος). — Τὸ γαλλικὸν Ναυτικὸν καὶ ἡ Ἀεροπορία εὑρίσκονται εἰς ἀνταγωνισμὸν διὰ τὸ ποιὸν θὰ ἀναλάβῃ τὴν εὐθύνην τῆς πυρηνικῆς στρατηγικῆς τῆς χώρας.

100% ΘΗΛΕΙΣ ΕΙΝΑΙ ΟΛΑΙ ΑΙ ΑΘΛΗΤΡΙΑΙ
ΚΑΙ ΑΙ 800

ΠΟΛΙΣ ΤΟΥ ΜΕΞΙΚΟΥ, 19. (Ρώυτερ). — Ὁ ἔλεγχος φύλου τῶν ἀθλητριῶν ἀπέδειξεν ὅτι ὅλαι αἱ συμμετέχουσαι εἶναι γυναῖκες.

ΠΟΛΙΣ ΤΟΥ ΜΕΞΙΚΟΥ, 19. (Ρώυτερ). — Ὁ ἔλεγχος φύλου τῶν ἀθλητριῶν ἀπέδειξεν ὅτι ὅλαι αἱ συμμετέχουσαι εἶναι γυναῖκες.

Η ΑΓΓΛΙΑ ΕΞΕΦΡΑΣΕ ΤΗΝ ΔΥΣΑΡΕΣΚΕΙΑΝ ΤΗΣ ΔΙΑ ΤΗΝ ΣΥΛΛΗΨΙΝ ΤΡΑΠΕΖΙΤΟΥ ΕΙΣ ΤΗΝ ΚΙΝΑΝ

ΛΟΝΔΙΝΟΝ, 19. (Ἀσσ. Πρές). — Ἡ Βρεταννικὴ κυβέρνησις ἐξέφρασε σήμερον τὴν δυσαρέσκειάν της διὰ τὴν σύλληψιν Βρεταννοῦ τραπεζίτου εἰς τὴν Σαγκάην.

ΛΟΝΔΙΝΟΝ, 19. (Ἀσσ. Πρές). — Ἡ Βρεταννικὴ κυβέρνησις ἐξέφρασε σήμερον τὴν δυσαρέσκειάν της διὰ τὴν σύλληψιν Βρεταννοῦ τραπεζίτου εἰς τὴν Σαγκάην.

ΛΟΝΔΙΝΟΝ, 19. (Ἀσσ. Πρές). — Ἡ Βρεταννικὴ κυβέρνησις ἐξέφρασε σήμερον τὴν δυσαρέσκειάν της διὰ τὴν σύλληψιν Βρεταννοῦ τραπεζίτου εἰς τὴν Σαγκάην.

ΛΟΝΔΙΝΟΝ, 19. (Ἀσσ. Πρές). — Ἡ Βρεταννικὴ κυβέρνησις ἐξέφρασε σήμερον τὴν δυσαρέσκειάν της διὰ τὴν σύλληψιν Βρεταννοῦ τραπεζίτου εἰς τὴν Σαγκάην.

ΕΠΙΜΟΙΡΑΣΗ ΚΑΤΑΣΚΟΠΟΙ

ΛΟΝΔΙΝΟΝ, 19. — Ἡ βρεταννικὴ ἀστυνομία συνέλαβε δύο ἀλλοδαποὺς ὑπόπτους διὰ κατασκοπείαν.

ΛΟΝΔΙΝΟΝ, 19. — Ἡ βρεταννικὴ ἀστυνομία συνέλαβε δύο ἀλλοδαποὺς ὑπόπτους διὰ κατασκοπείαν.

Ἡ κρίσις εἰς Τσεχοσλοβακίαν ἐξώθει τὸν στρατὸν τοῦ ΝΑΤΟ πρὸς καλυτέραν ἐκπαίδευσιν
ΕΔΗΛΩΣΕΝ Ο ΔΙΟΙΚΗΤΗΣ ΑΜΕΡΙΚΑΝΙΚΩΝ ΔΥΝΑΜΕΩΝ

ΧΑΪΝΤΕΛΒΕΡΓΗ, 19. (Ἀσσ. Πρές). — Ὁ στρατηγὸς Πόλκ, διοικητὴς τῶν ἀμερικανικῶν δυνάμεων εἰς τὴν Εὐρώπην, ἐδήλωσεν ὅτι τὰ γεγονότα τῆς Τσεχοσλοβακίας ὤθησαν τὸν στρατὸν τοῦ ΝΑΤΟ εἰς ἐντατικωτέραν ἐκπαίδευσιν.

ΧΑΪΝΤΕΛΒΕΡΓΗ, 19. (Ἀσσ. Πρές). — Ὁ στρατηγὸς Πόλκ, διοικητὴς τῶν ἀμερικανικῶν δυνάμεων εἰς τὴν Εὐρώπην, ἐδήλωσεν ὅτι τὰ γεγονότα τῆς Τσεχοσλοβακίας ὤθησαν τὸν στρατὸν τοῦ ΝΑΤΟ εἰς ἐντατικωτέραν ἐκπαίδευσιν.

ΧΑΪΝΤΕΛΒΕΡΓΗ, 19. (Ἀσσ. Πρές). — Ὁ στρατηγὸς Πόλκ, διοικητὴς τῶν ἀμερικανικῶν δυνάμεων εἰς τὴν Εὐρώπην, ἐδήλωσεν ὅτι τὰ γεγονότα τῆς Τσεχοσλοβακίας ὤθησαν τὸν στρατὸν τοῦ ΝΑΤΟ εἰς ἐντατικωτέραν ἐκπαίδευσιν.

ΕΠΙΣΤΡΟΦΗ ΕΙΣ ΓΕΡΜΑΝΙΑΝ

ΒΕΡΟΛΙΝΟΝ, 19. (Ἀσσ. Πρές). — Τμήματα τῶν σοβιετικῶν δυνάμεων ἐπέστρεψαν εἰς τὰς βάσεις των εἰς τὴν Ἀνατολικὴν Γερμανίαν.

ΒΕΡΟΛΙΝΟΝ, 19. (Ἀσσ. Πρές). — Τμήματα τῶν σοβιετικῶν δυνάμεων ἐπέστρεψαν εἰς τὰς βάσεις των εἰς τὴν Ἀνατολικὴν Γερμανίαν.

ΒΕΡΟΛΙΝΟΝ, 19. (Ἀσσ. Πρές). — Τμήματα τῶν σοβιετικῶν δυνάμεων ἐπέστρεψαν εἰς τὰς βάσεις των εἰς τὴν Ἀνατολικὴν Γερμανίαν.

Η «ΜΑΥΡΗ ΔΥΝΑΜΙΣ»

ΠΟΛΙΣ ΤΟΥ ΜΕΞΙΚΟΥ, 19. (Ρώυτερ). — Οἱ ἀθληταὶ τῶν ΗΠΑ Τόμι Σμὶθ καὶ Τζὼν Κάρλος ἀπεβλήθησαν ἐκ τῆς ὀλυμπιακῆς ὁμάδος.

ΠΟΛΙΣ ΤΟΥ ΜΕΞΙΚΟΥ, 19. (Ρώυτερ). — Οἱ ἀθληταὶ τῶν ΗΠΑ Τόμι Σμὶθ καὶ Τζὼν Κάρλος ἀπεβλήθησαν ἐκ τῆς ὀλυμπιακῆς ὁμάδος.

Η ΑΜΕΡΙΚΗ ΕΞΟΠΛΙΖΕΙ ΤΟΥΣ ΜΟΝΑΡΧΙΚΟΥΣ ΤΗΣ ΥΕΜΕΝΗΣ ΤΟΝΙΖΕΙ Ο ΑΛ ΣΑΑΜΠΙ
ΤΟ ΕΜΠΑΡΓΚΟ ΤΗΣ ΑΙΓΥΠΤΟΥ

ΑΝΤΕΝ, 19. (Ρώυτερ). — Ὁ πρόεδρος τῆς Νοτίου Ὑεμένης κατηγόρησε τὰς Ἡνωμένας Πολιτείας ὅτι ἐφοδιάζουν μὲ ὅπλα τοὺς μοναρχικοὺς διὰ μέσου τῆς Σαουδικῆς Ἀραβίας.

ΑΝΤΕΝ, 19. (Ρώυτερ). — Ὁ πρόεδρος τῆς Νοτίου Ὑεμένης κατηγόρησε τὰς Ἡνωμένας Πολιτείας ὅτι ἐφοδιάζουν μὲ ὅπλα τοὺς μοναρχικοὺς διὰ μέσου τῆς Σαουδικῆς Ἀραβίας.

ΑΝΤΕΝ, 19. (Ρώυτερ). — Ὁ πρόεδρος τῆς Νοτίου Ὑεμένης κατηγόρησε τὰς Ἡνωμένας Πολιτείας ὅτι ἐφοδιάζουν μὲ ὅπλα τοὺς μοναρχικοὺς διὰ μέσου τῆς Σαουδικῆς Ἀραβίας.

ΑΓΝΟΕΙΤΑΙ Η ΤΥΧΗ ΤΟΥ ΦΟΡΤΗΓΟΥ «ΝΗΣΟΣ ΙΘΑΚΗ»

ΑΘΗΝΑΙ, 19. — Οὐδεμία εἴδησις ὑπάρχει ἀπὸ τὸ ἑλληνικὸν φορτηγὸν «Νῆσος Ἰθάκη», τὸ ὁποῖον ἐξέπεμψε σήμα κινδύνου εἰς τὸν Ἀτλαντικόν.

ΑΘΗΝΑΙ, 19. — Οὐδεμία εἴδησις ὑπάρχει ἀπὸ τὸ ἑλληνικὸν φορτηγὸν «Νῆσος Ἰθάκη», τὸ ὁποῖον ἐξέπεμψε σήμα κινδύνου εἰς τὸν Ἀτλαντικόν.

ΤΡΙΑ ΤΑ ΘΥΜΑΤΑ ΤΗΣ «ΓΚΛΑΝΤΥΣ» ΕΙΣ ΑΜΕΡΙΚΗΝ

ΤΖΑΚΣΟΝΒΙΛ, Φλώριδα, 19. (Ρώυτερ). — Τρεῖς νεκροὶ καὶ σοβαραὶ ὑλικαὶ ζημίαι εἶναι ὁ ἀπολογισμὸς τοῦ τυφῶνος «Γκλάντυς» εἰς τὴν Φλώριδα.

ΤΖΑΚΣΟΝΒΙΛ, Φλώριδα, 19. (Ρώυτερ). — Τρεῖς νεκροὶ καὶ σοβαραὶ ὑλικαὶ ζημίαι εἶναι ὁ ἀπολογισμὸς τοῦ τυφῶνος «Γκλάντυς» εἰς τὴν Φλώριδα.

ΗΡΧΙΣΕΝ ΕΙΣ ΣΟΦΙΑΝ Η ΔΙΑΣΚΕΨΙΣ ΤΗΣ «ΚΟΜΕΚΟΝ»

ΣΟΦΙΑ, 19. (Ἀσσ. Πρές). — Ἤρχισε σήμερον ἡ διάσκεψις τοῦ Συμβουλίου Ἀμοιβαίας Οἰκονομικῆς Βοηθείας τῶν κομμουνιστικῶν χωρῶν.

ΣΟΦΙΑ, 19. (Ἀσσ. Πρές). — Ἤρχισε σήμερον ἡ διάσκεψις τοῦ Συμβουλίου Ἀμοιβαίας Οἰκονομικῆς Βοηθείας τῶν κομμουνιστικῶν χωρῶν.

ΘΕΩΡΕΙ ΑΡΤΙΑΝ ΤΗΝ ΛΕΙΤΟΥΡΓΙΑΝ ΤΗΣ «ΚΑΜΠΙΝΓΚΣ»

ΑΘΗΝΑΙ, 19. — Ἡ διοίκησις τῆς ἑταιρείας ἀνεκοίνωσεν ὅτι ἡ λειτουργία τῶν ἐγκαταστάσεων εἶναι ἀρτία καὶ ἀπρόσκοπτος.

ΑΘΗΝΑΙ, 19. — Ἡ διοίκησις τῆς ἑταιρείας ἀνεκοίνωσεν ὅτι ἡ λειτουργία τῶν ἐγκαταστάσεων εἶναι ἀρτία καὶ ἀπρόσκοπτος.

ΔΙΕΔΗΛΩΣΑΝ ΥΠΟ ΒΡΟΧΗΝ ΜΕ ΟΜΠΡΕΛΛΕΣ

ΛΟΝΔΙΝΟΝ, 19. (Ἡνωμ. Τύπος). — Χιλιάδες διαδηλωταὶ ἐβάδισαν πρὸς τὴν πλατεῖαν Τραφάλγκαρ κρατοῦντες ὀμπρέλλες ὑπὸ καταρρακτώδη βροχήν.

ΛΟΝΔΙΝΟΝ, 19. (Ἡνωμ. Τύπος). — Χιλιάδες διαδηλωταὶ ἐβάδισαν πρὸς τὴν πλατεῖαν Τραφάλγκαρ κρατοῦντες ὀμπρέλλες ὑπὸ καταρρακτώδη βροχήν.

5.000 ΖΩΑ ΕΘΑΝΟΝ ΕΞ ΑΦΟΔΟΥ ΕΙΣ ΤΗΝ ΙΝΔΙΑΝ

ΚΑΛΚΟΥΤΤΑ, 19. (Ἀσσ. Πρές). — Πέντε χιλιάδες ζῶα ἐθανατώθησαν ἐξ ἐπιδημίας εἰς τὰς περιοχὰς τῆς Ἀνατολικῆς Ἰνδίας.

ΚΑΛΚΟΥΤΤΑ, 19. (Ἀσσ. Πρές). — Πέντε χιλιάδες ζῶα ἐθανατώθησαν ἐξ ἐπιδημίας εἰς τὰς περιοχὰς τῆς Ἀνατολικῆς Ἰνδίας.

Η ΗΔΗ ΠΡΟΣΦΕΡΕΙ ΥΠΟΤΡΟΦΙΑΣ ΕΙΣ ΕΠΙΣΤΗΜΟΝΑΣ

ΑΘΗΝΑΙ, 19.— Τὸ ὑπουργεῖον Παιδείας ἀνακοινώνει ὅτι προκηρύσσονται ὑποτροφίαι διὰ μεταπτυχιακὰς σπουδάς εἰς τὸ ἐξωτερικόν.

ΑΘΗΝΑΙ, 19.— Τὸ ὑπουργεῖον Παιδείας ἀνακοινώνει ὅτι προκηρύσσονται ὑποτροφίαι διὰ μεταπτυχιακὰς σπουδάς εἰς τὸ ἐξωτερικόν.

Η «ΙΝΤΕΡΝΑΣΙΟΝΑΛ» ΕΛΑΒΕ ΜΕΤΡΑ ΔΙΑ ΤΑ ΠΕΤΡΕΛΑΙΑ

ΛΙΜΑ, 19. (Ρώυτερ). — Ἡ ἀμερικανικὴ ἑταιρεία πετρελαίων ἔλαβε μέτρα διὰ τὴν προστασίαν τῶν ἐγκαταστάσεών της εἰς τὸ Περοῦ.

ΛΙΜΑ, 19. (Ρώυτερ). — Ἡ ἀμερικανικὴ ἑταιρεία πετρελαίων ἔλαβε μέτρα διὰ τὴν προστασίαν τῶν ἐγκαταστάσεών της εἰς τὸ Περοῦ.

Η ΑΜΟΙΒΗ ΤΩΝ ΑΜΕΡΙΚΑΝΩΝ

ΜΟΣΧΑ, 19. (Ρώυτερ). — Ἡ σοβιετικὴ κυβέρνησις ἀπήντησεν εἰς τὴν ἀμερικανικὴν διακοίνωσιν περὶ ἐμπορικῶν σχέσεων.

ΕΝΕΚΡΙΘΗ ΠΙΣΤΩΣΙΣ ΔΙΑ ΤΗΝ ΠΡΟΣΛΗΨΙΝ ΔΙΚΑΣΤΙΚΩΝ ΓΡΑΦΕΩΝ

ΑΘΗΝΑΙ, 19.— Ἐνεκρίθη πίστωσις διὰ τὴν πρόσληψιν δικαστικῶν ὑπαλλήλων εἰς τὰ πρωτοδικεῖα τῆς χώρας.

ΑΘΗΝΑΙ, 19.— Ἐνεκρίθη πίστωσις διὰ τὴν πρόσληψιν δικαστικῶν ὑπαλλήλων εἰς τὰ πρωτοδικεῖα τῆς χώρας.
